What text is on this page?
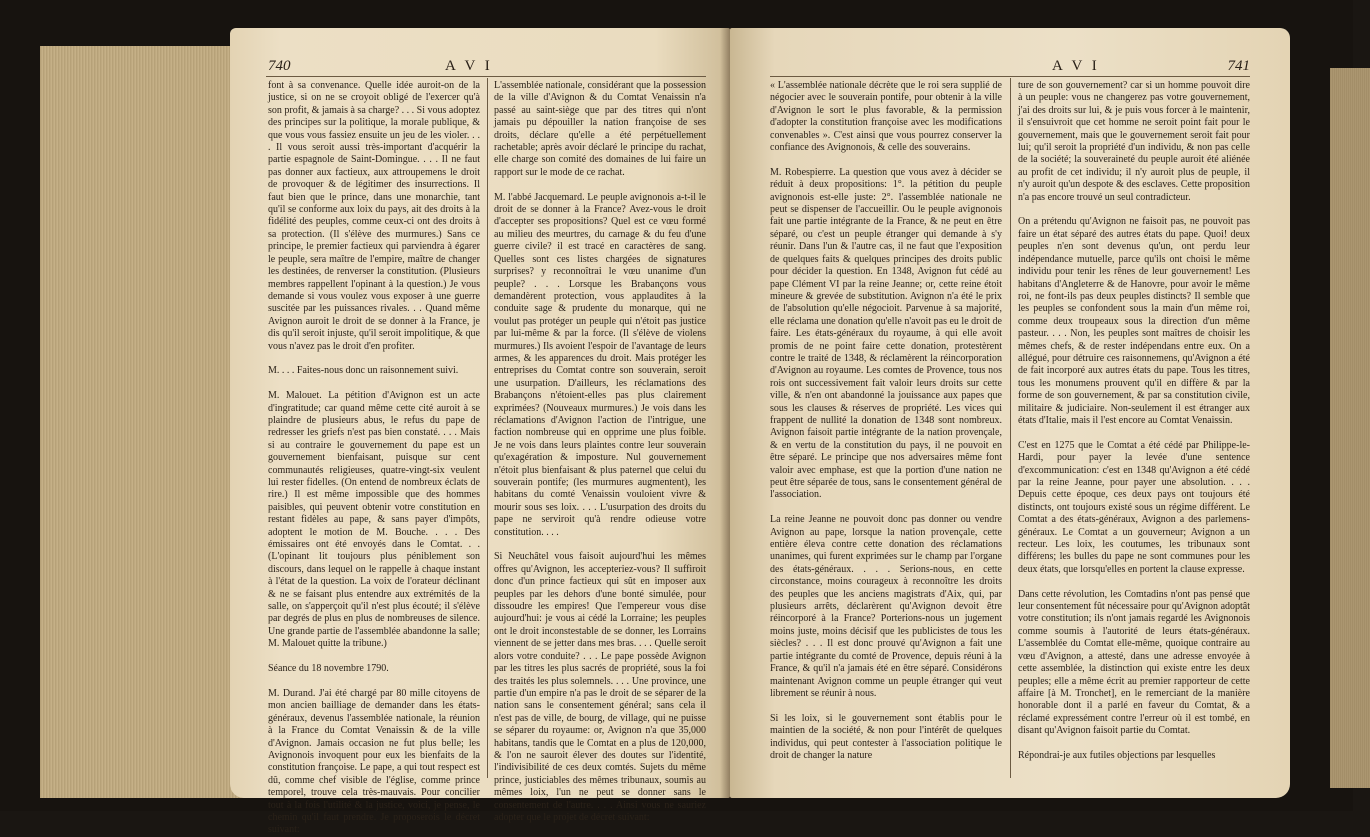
740	A V I
font à sa convenance. Quelle idée auroit-on de la justice, si on ne se croyoit obligé de l'exercer qu'à son profit, & jamais à sa charge? . . . Si vous adoptez des principes sur la politique, la morale publique, & que vous vous fassiez ensuite un jeu de les violer. . . . Il vous seroit aussi très-important d'acquérir la partie espagnole de Saint-Domingue. . . . Il ne faut pas donner aux factieux, aux attroupemens le droit de provoquer & de légitimer des insurrections. Il faut bien que le prince, dans une monarchie, tant qu'il se conforme aux loix du pays, ait des droits à la fidélité des peuples, comme ceux-ci ont des droits à sa protection. (Il s'élève des murmures.) Sans ce principe, le premier factieux qui parviendra à égarer le peuple, sera maître de l'empire, maître de changer les destinées, de renverser la constitution. (Plusieurs membres rappellent l'opinant à la question.) Je vous demande si vous voulez vous exposer à une guerre suscitée par les puissances rivales. . . Quand même Avignon auroit le droit de se donner à la France, je dis qu'il seroit injuste, qu'il seroit impolitique, & que vous n'avez pas le droit d'en profiter.

M. . . . Faites-nous donc un raisonnement suivi.

M. Malouet. La pétition d'Avignon est un acte d'ingratitude; car quand même cette cité auroit à se plaindre de plusieurs abus, le refus du pape de redresser les griefs n'est pas bien constaté. . . . Mais si au contraire le gouvernement du pape est un gouvernement bienfaisant, puisque sur cent communautés religieuses, quatre-vingt-six veulent lui rester fidelles. (On entend de nombreux éclats de rire.) Il est même impossible que des hommes paisibles, qui peuvent obtenir votre constitution en restant fidèles au pape, & sans payer d'impôts, adoptent le motion de M. Bouche. . . . Des émissaires ont été envoyés dans le Comtat. . . (L'opinant lit toujours plus péniblement son discours, dans lequel on le rappelle à chaque instant à l'état de la question. La voix de l'orateur déclinant & ne se faisant plus entendre aux extrémités de la salle, on s'apperçoit qu'il n'est plus écouté; il s'élève par degrés de plus en plus de nombreuses de silence. Une grande partie de l'assemblée abandonne la salle; M. Malouet quitte la tribune.)

Séance du 18 novembre 1790.

M. Durand. J'ai été chargé par 80 mille citoyens de mon ancien bailliage de demander dans les états-généraux, devenus l'assemblée nationale, la réunion à la France du Comtat Venaissin & de la ville d'Avignon. Jamais occasion ne fut plus belle; les Avignonois invoquent pour eux les bienfaits de la constitution françoise. Le pape, a qui tout respect est dû, comme chef visible de l'église, comme prince temporel, trouve cela très-mauvais. Pour concilier tout à la fois l'utilité & la justice, voici, je pense, le chemin qu'il faut prendre. Je proposerois le décret suivant:
L'assemblée nationale, considérant que la possession de la ville d'Avignon & du Comtat Venaissin n'a passé au saint-siège que par des titres qui n'ont jamais pu dépouiller la nation françoise de ses droits, déclare qu'elle a été perpétuellement rachetable; après avoir déclaré le principe du rachat, elle charge son comité des domaines de lui faire un rapport sur le mode de ce rachat.

M. l'abbé Jacquemard. Le peuple avignonois a-t-il le droit de se donner à la France? Avez-vous le droit d'accepter ses propositions? Quel est ce vœu formé au milieu des meurtres, du carnage & du feu d'une guerre civile? il est tracé en caractères de sang. Quelles sont ces listes chargées de signatures surprises? y reconnoîtrai le vœu unanime d'un peuple? . . . Lorsque les Brabançons vous demandèrent protection, vous applaudites à la conduite sage & prudente du monarque, qui ne voulut pas protéger un peuple qui n'étoit pas justice par lui-même & par la force. (Il s'élève de violens murmures.) Ils avoient l'espoir de l'avantage de leurs armes, & les apparences du droit. Mais protéger les entreprises du Comtat contre son souverain, seroit une usurpation. D'ailleurs, les réclamations des Brabançons n'étoient-elles pas plus clairement exprimées? (Nouveaux murmures.) Je vois dans les réclamations d'Avignon l'action de l'intrigue, une faction nombreuse qui en opprime une plus foible. Je ne vois dans leurs plaintes contre leur souverain qu'exagération & imposture. Nul gouvernement n'étoit plus bienfaisant & plus paternel que celui du souverain pontife; (les murmures augmentent), les habitans du comté Venaissin vouloient vivre & mourir sous ses loix. . . . L'usurpation des droits du pape ne serviroit qu'à rendre odieuse votre constitution. . . .

Si Neuchâtel vous faisoit aujourd'hui les mêmes offres qu'Avignon, les accepteriez-vous? Il suffiroit donc d'un prince factieux qui sût en imposer aux peuples par les dehors d'une bonté simulée, pour dissoudre les empires! Que l'empereur vous dise aujourd'hui: je vous ai cédé la Lorraine; les peuples ont le droit inconstestable de se donner, les Lorrains viennent de se jetter dans mes bras. . . . Quelle seroit alors votre conduite? . . . Le pape possède Avignon par les titres les plus sacrés de propriété, sous la foi des traités les plus solemnels. . . . Une province, une partie d'un empire n'a pas le droit de se séparer de la nation sans le consentement général; sans cela il n'est pas de ville, de bourg, de village, qui ne puisse se séparer du royaume: or, Avignon n'a que 35,000 habitans, tandis que le Comtat en a plus de 120,000, & l'on ne sauroit élever des doutes sur l'identité, l'indivisibilité de ces deux comtés. Sujets du même prince, justiciables des mêmes tribunaux, soumis au mêmes loix, l'un ne peut se donner sans le consentement de l'autre. . . . Ainsi vous ne sauriez adopter que le projet de décret suivant:
A V I	741
« L'assemblée nationale décrète que le roi sera supplié de négocier avec le souverain pontife, pour obtenir à la ville d'Avignon le sort le plus favorable, & la permission d'adopter la constitution françoise avec les modifications convenables ». C'est ainsi que vous pourrez conserver la confiance des Avignonois, & celle des souverains.

M. Robespierre. La question que vous avez à décider se réduit à deux propositions: 1°. la pétition du peuple avignonois est-elle juste: 2°. l'assemblée nationale ne peut se dispenser de l'accueillir. Ou le peuple avignonois fait une partie intégrante de la France, & ne peut en être séparé, ou c'est un peuple étranger qui demande à s'y réunir. Dans l'un & l'autre cas, il ne faut que l'exposition de quelques faits & quelques principes des droits public pour décider la question. En 1348, Avignon fut cédé au pape Clément VI par la reine Jeanne; or, cette reine étoit mineure & grevée de substitution. Avignon n'a été le prix de l'absolution qu'elle négocioit. Parvenue à sa majorité, elle réclama une donation qu'elle n'avoit pas eu le droit de faire. Les états-généraux du royaume, à qui elle avoit promis de ne point faire cette donation, protestèrent contre le traité de 1348, & réclamèrent la réincorporation d'Avignon au royaume. Les comtes de Provence, tous nos rois ont successivement fait valoir leurs droits sur cette ville, & n'en ont abandonné la jouissance aux papes que sous les clauses & réserves de propriété. Les vices qui frappent de nullité la donation de 1348 sont nombreux. Avignon faisoit partie intégrante de la nation provençale, & en vertu de la constitution du pays, il ne pouvoit en être séparé. Le principe que nos adversaires même font valoir avec emphase, est que la portion d'une nation ne peut être séparée de tous, sans le consentement général de l'association.

La reine Jeanne ne pouvoit donc pas donner ou vendre Avignon au pape, lorsque la nation provençale, cette entière éleva contre cette donation des réclamations unanimes, qui furent exprimées sur le champ par l'organe des états-généraux. . . . Serions-nous, en cette circonstance, moins courageux à reconnoître les droits des peuples que les anciens magistrats d'Aix, qui, par plusieurs arrêts, déclarèrent qu'Avignon devoit être réincorporé à la France? Porterions-nous un jugement moins juste, moins décisif que les publicistes de tous les siècles? . . . Il est donc prouvé qu'Avignon a fait une partie intégrante du comté de Provence, depuis réuni à la France, & qu'il n'a jamais été en être séparé. Considérons maintenant Avignon comme un peuple étranger qui veut librement se réunir à nous.

Si les loix, si le gouvernement sont établis pour le maintien de la société, & non pour l'intérêt de quelques individus, qui peut contester à l'association politique le droit de changer la nature
ture de son gouvernement? car si un homme pouvoit dire à un peuple: vous ne changerez pas votre gouvernement, j'ai des droits sur lui, & je puis vous forcer à le maintenir, il s'ensuivroit que cet homme ne seroit point fait pour le gouvernement, mais que le gouvernement seroit fait pour lui; qu'il seroit la propriété d'un individu, & non pas celle de la société; la souveraineté du peuple auroit été aliénée au profit de cet individu; il n'y auroit plus de peuple, il n'y auroit qu'un despote & des esclaves. Cette proposition n'a pas encore trouvé un seul contradicteur.

On a prétendu qu'Avignon ne faisoit pas, ne pouvoit pas faire un état séparé des autres états du pape. Quoi! deux peuples n'en sont devenus qu'un, ont perdu leur indépendance mutuelle, parce qu'ils ont choisi le même individu pour tenir les rênes de leur gouvernement! Les habitans d'Angleterre & de Hanovre, pour avoir le même roi, ne font-ils pas deux peuples distincts? Il semble que les peuples se confondent sous la main d'un même roi, comme deux troupeaux sous la direction d'un même pasteur. . . . Non, les peuples sont maîtres de choisir les mêmes chefs, & de rester indépendans entre eux. On a allégué, pour détruire ces raisonnemens, qu'Avignon a été de fait incorporé aux autres états du pape. Tous les titres, tous les monumens prouvent qu'il en diffère & par la forme de son gouvernement, & par sa constitution civile, militaire & judiciaire. Non-seulement il est étranger aux états d'Italie, mais il l'est encore au Comtat Venaissin.

C'est en 1275 que le Comtat a été cédé par Philippe-le-Hardi, pour payer la levée d'une sentence d'excommunication: c'est en 1348 qu'Avignon a été cédé par la reine Jeanne, pour payer une absolution. . . . Depuis cette époque, ces deux pays ont toujours été distincts, ont toujours existé sous un régime différent. Le Comtat a des états-généraux, Avignon a des parlemens-généraux. Le Comtat a un gouverneur; Avignon a un recteur. Les loix, les coutumes, les tribunaux sont différens; les bulles du pape ne sont communes pour les deux états, que lorsqu'elles en portent la clause expresse.

Dans cette révolution, les Comtadins n'ont pas pensé que leur consentement fût nécessaire pour qu'Avignon adoptât votre constitution; ils n'ont jamais regardé les Avignonois comme soumis à l'autorité de leurs états-généraux. L'assemblée du Comtat elle-même, quoique contraire au vœu d'Avignon, a attesté, dans une adresse envoyée à cette assemblée, la distinction qui existe entre les deux peuples; elle a même écrit au premier rapporteur de cette affaire [à M. Tronchet], en le remerciant de la manière honorable dont il a parlé en faveur du Comtat, & a réclamé expressément contre l'erreur où il est tombé, en disant qu'Avignon faisoit partie du Comtat.

Répondrai-je aux futiles objections par lesquelles
